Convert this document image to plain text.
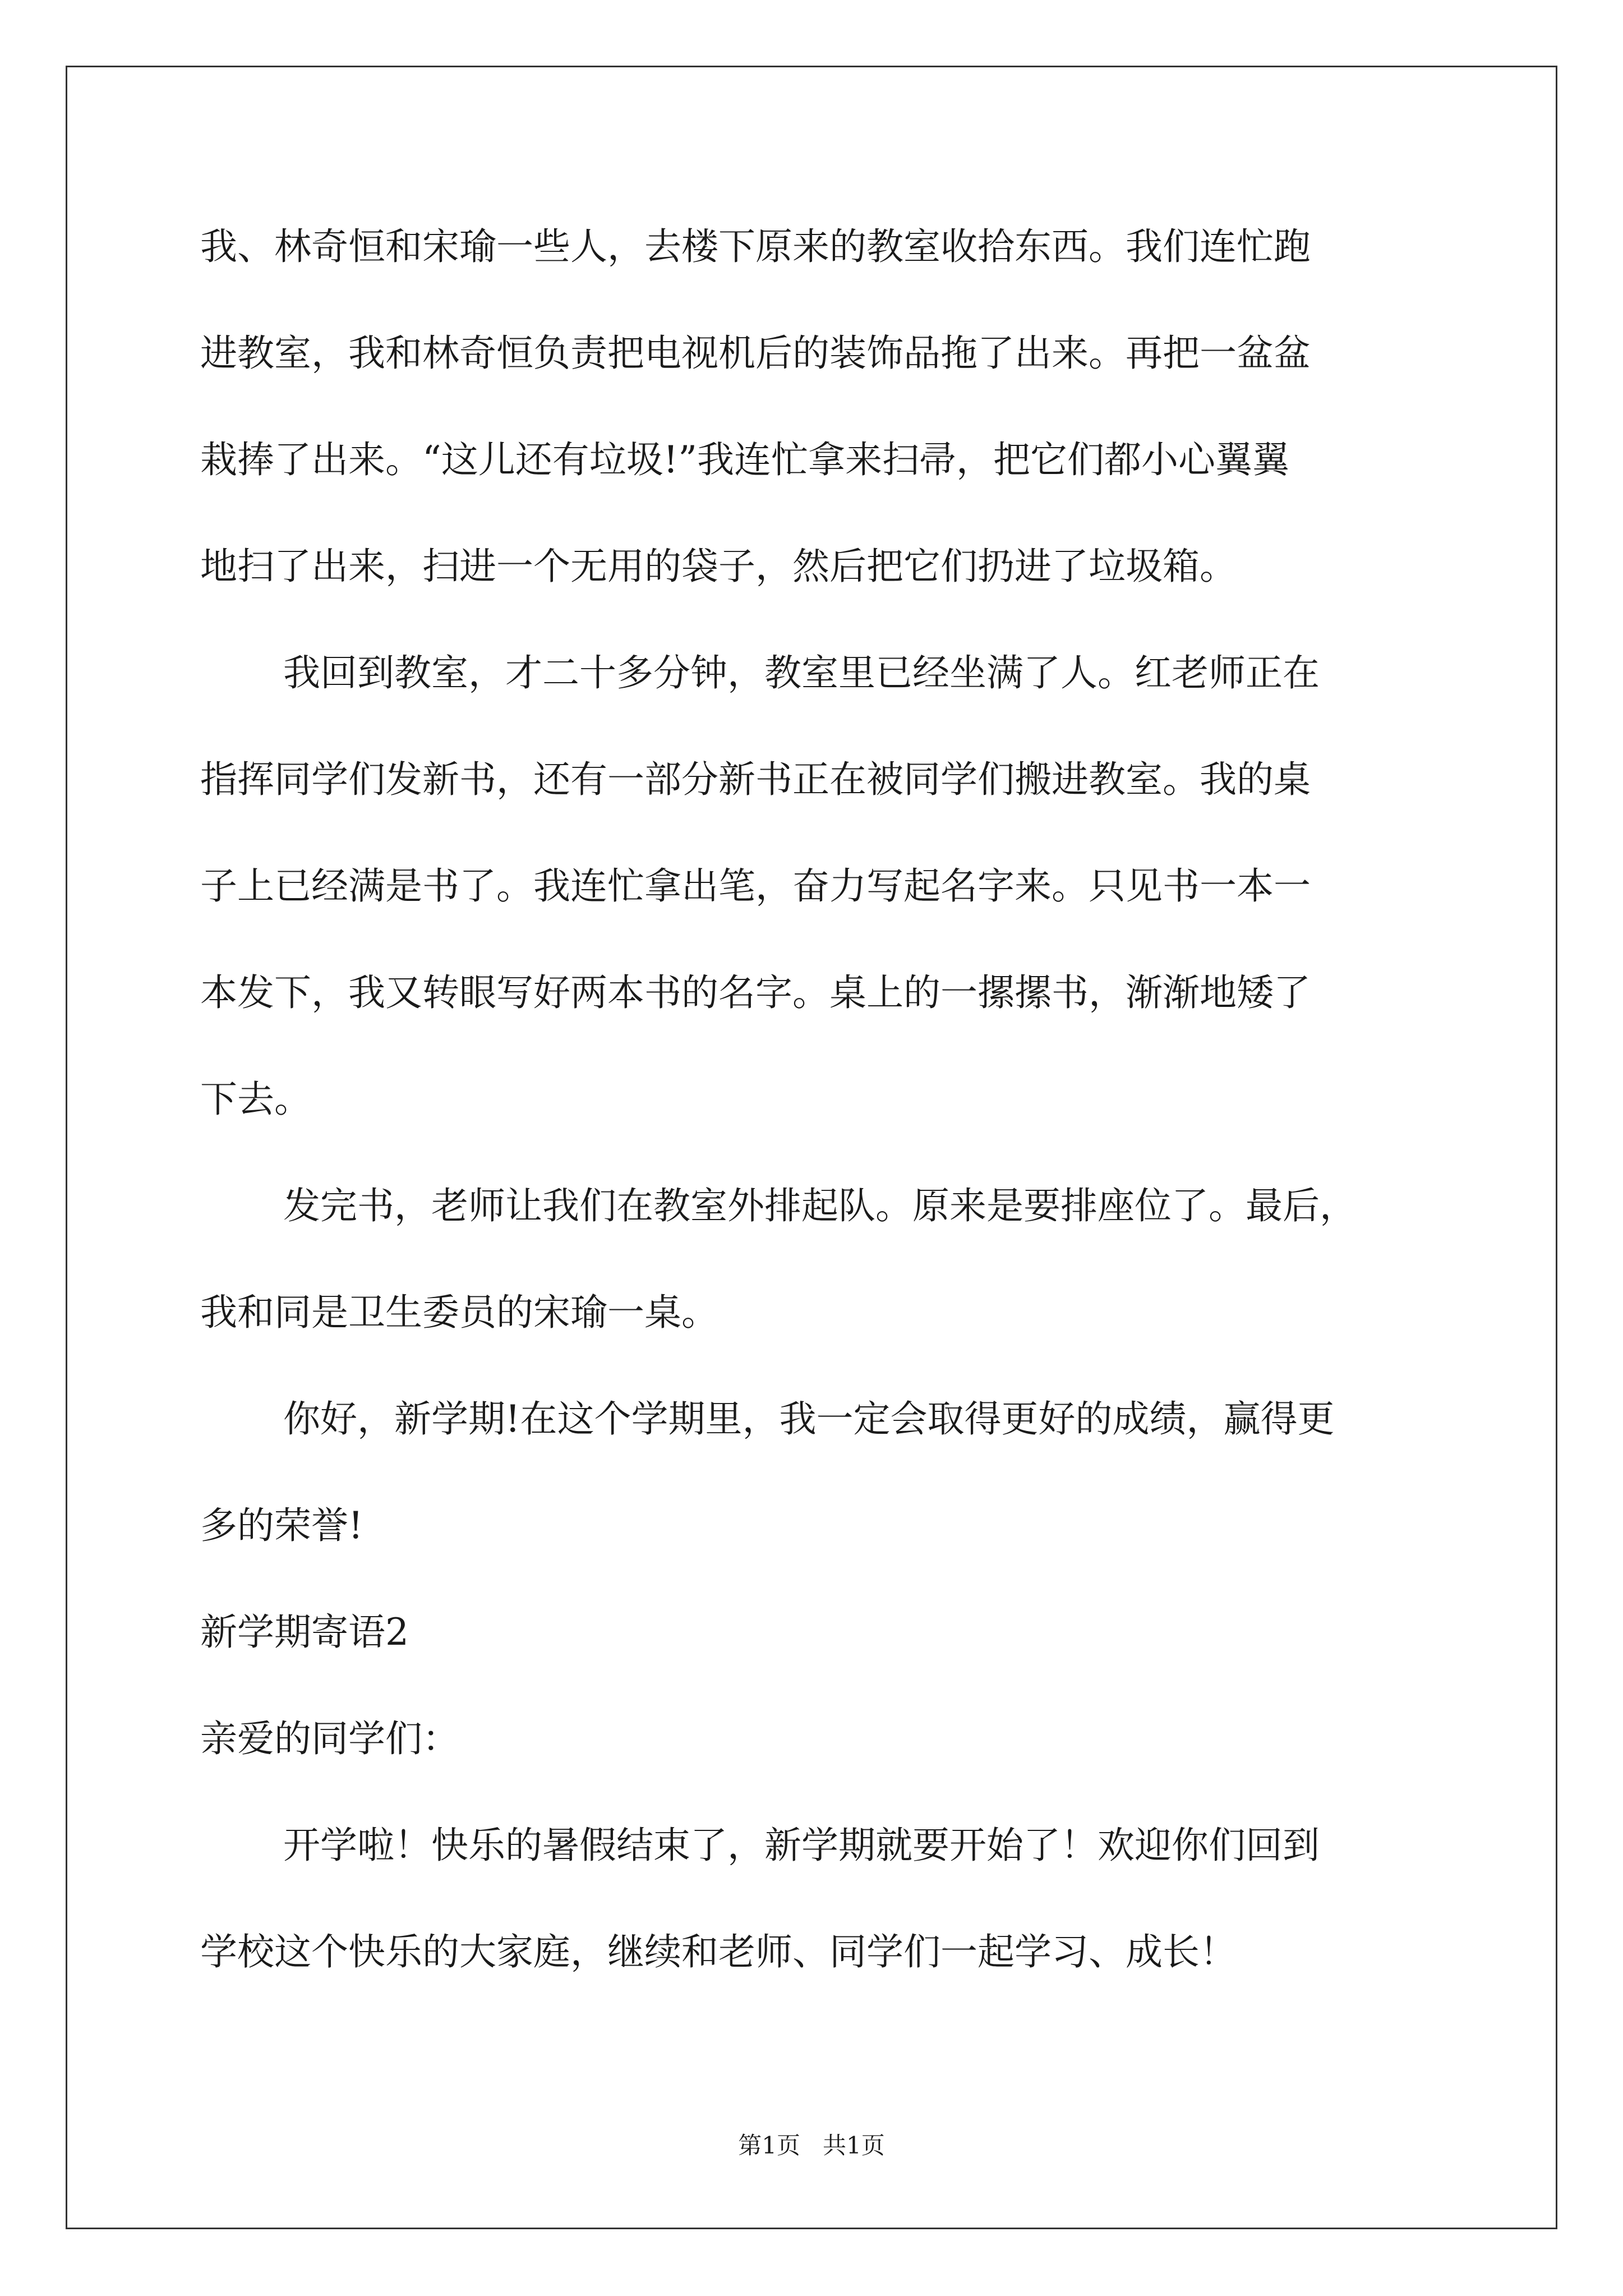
我、林奇恒和宋瑜一些人，去楼下原来的教室收拾东西。我们连忙跑
进教室，我和林奇恒负责把电视机后的装饰品拖了出来。再把一盆盆
栽捧了出来。“这儿还有垃圾!”我连忙拿来扫帚，把它们都小心翼翼
地扫了出来，扫进一个无用的袋子，然后把它们扔进了垃圾箱。
我回到教室，才二十多分钟，教室里已经坐满了人。红老师正在
指挥同学们发新书，还有一部分新书正在被同学们搬进教室。我的桌
子上已经满是书了。我连忙拿出笔，奋力写起名字来。只见书一本一
本发下，我又转眼写好两本书的名字。桌上的一摞摞书，渐渐地矮了
下去。
发完书，老师让我们在教室外排起队。原来是要排座位了。最后，
我和同是卫生委员的宋瑜一桌。
你好，新学期!在这个学期里，我一定会取得更好的成绩，赢得更
多的荣誉!
新学期寄语2
亲爱的同学们：
开学啦！快乐的暑假结束了，新学期就要开始了！欢迎你们回到
学校这个快乐的大家庭，继续和老师、同学们一起学习、成长！
第1页   共1页
